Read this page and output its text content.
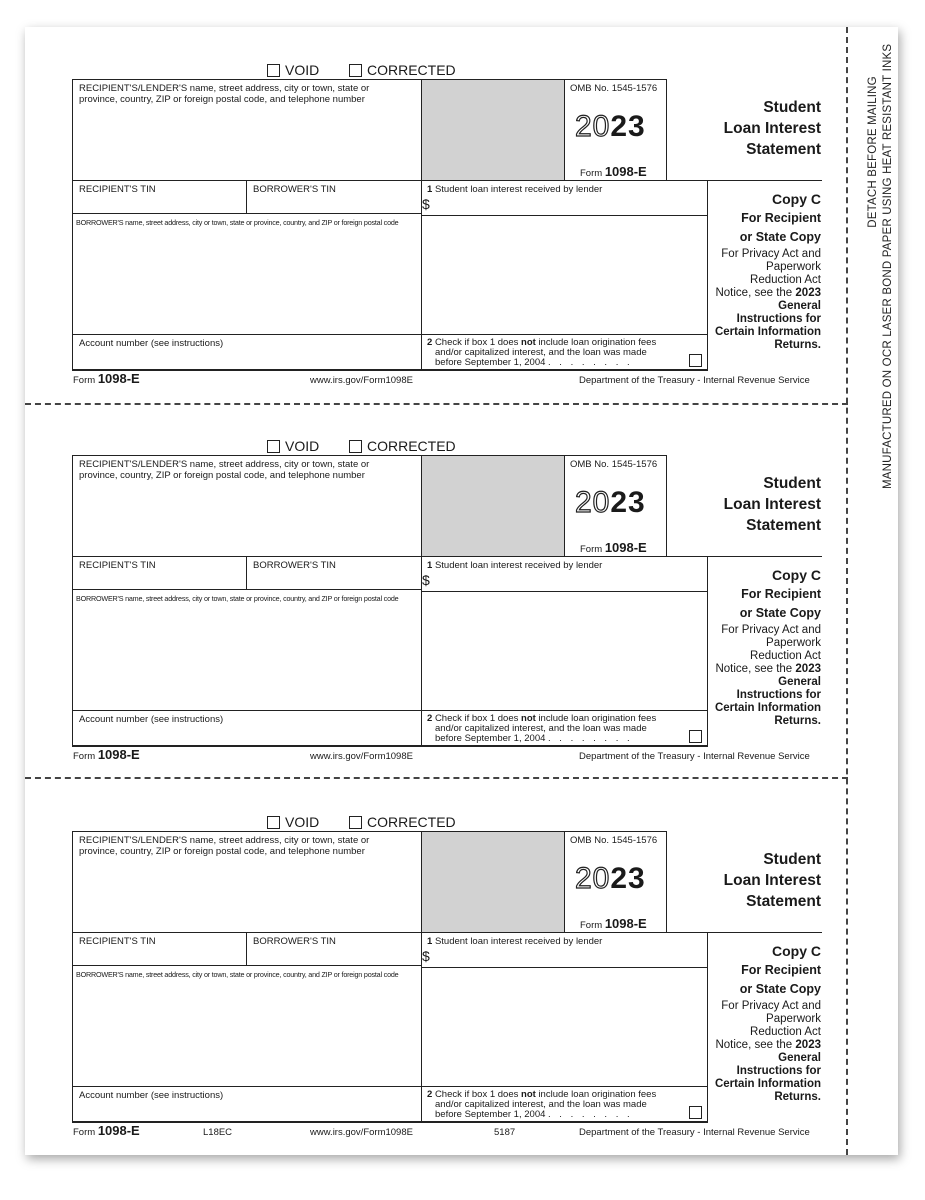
DETACH BEFORE MAILING MANUFACTURED ON OCR LASER BOND PAPER USING HEAT RESISTANT INKS
VOID	CORRECTED
RECIPIENT'S/LENDER'S name, street address, city or town, state or province, country, ZIP or foreign postal code, and telephone number
OMB No. 1545-1576
2023
Form 1098-E
Student
Loan Interest
Statement
RECIPIENT'S TIN	BORROWER'S TIN	1 Student loan interest received by lender
$
BORROWER'S name, street address, city or town, state or province, country, and ZIP or foreign postal code
Account number (see instructions)	2 Check if box 1 does not include loan origination fees
and/or capitalized interest, and the loan was made
before September 1, 2004 . . . . . . . .
Copy C
For Recipient
or State Copy
For Privacy Act and
Paperwork
Reduction Act
Notice, see the 2023
General
Instructions for
Certain Information
Returns.
Form 1098-E	www.irs.gov/Form1098E	Department of the Treasury - Internal Revenue Service
VOID	CORRECTED
RECIPIENT'S/LENDER'S name, street address, city or town, state or province, country, ZIP or foreign postal code, and telephone number
OMB No. 1545-1576
2023
Form 1098-E
Student
Loan Interest
Statement
RECIPIENT'S TIN	BORROWER'S TIN	1 Student loan interest received by lender
$
BORROWER'S name, street address, city or town, state or province, country, and ZIP or foreign postal code
Account number (see instructions)	2 Check if box 1 does not include loan origination fees
and/or capitalized interest, and the loan was made
before September 1, 2004 . . . . . . . .
Copy C
For Recipient
or State Copy
For Privacy Act and
Paperwork
Reduction Act
Notice, see the 2023
General
Instructions for
Certain Information
Returns.
Form 1098-E	www.irs.gov/Form1098E	Department of the Treasury - Internal Revenue Service
VOID	CORRECTED
RECIPIENT'S/LENDER'S name, street address, city or town, state or province, country, ZIP or foreign postal code, and telephone number
OMB No. 1545-1576
2023
Form 1098-E
Student
Loan Interest
Statement
RECIPIENT'S TIN	BORROWER'S TIN	1 Student loan interest received by lender
$
BORROWER'S name, street address, city or town, state or province, country, and ZIP or foreign postal code
Account number (see instructions)	2 Check if box 1 does not include loan origination fees
and/or capitalized interest, and the loan was made
before September 1, 2004 . . . . . . . .
Copy C
For Recipient
or State Copy
For Privacy Act and
Paperwork
Reduction Act
Notice, see the 2023
General
Instructions for
Certain Information
Returns.
Form 1098-E	L18EC	www.irs.gov/Form1098E	5187	Department of the Treasury - Internal Revenue Service
